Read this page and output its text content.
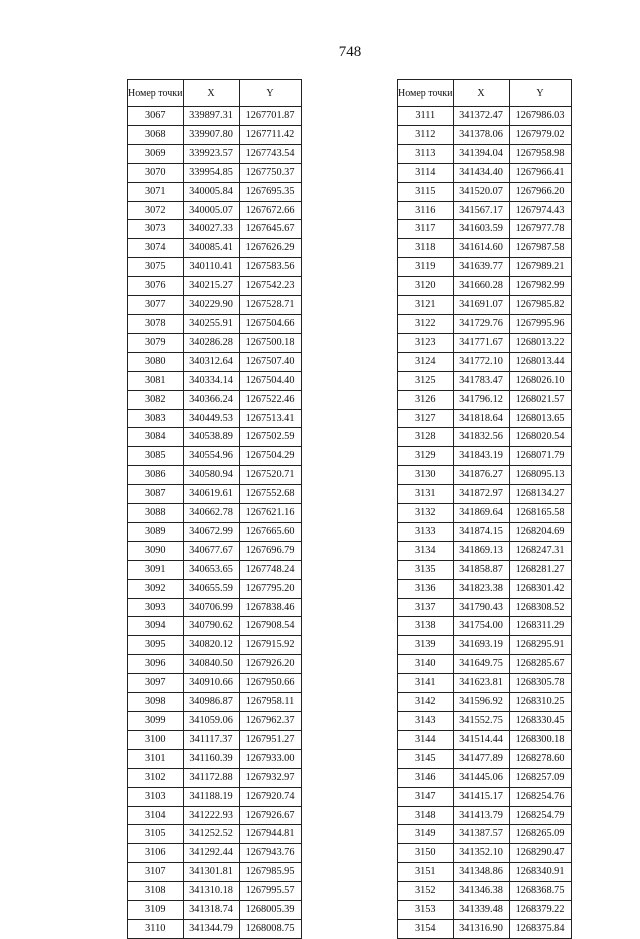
748
Номер точки	X	Y
3067	339897.31	1267701.87
3068	339907.80	1267711.42
3069	339923.57	1267743.54
3070	339954.85	1267750.37
3071	340005.84	1267695.35
3072	340005.07	1267672.66
3073	340027.33	1267645.67
3074	340085.41	1267626.29
3075	340110.41	1267583.56
3076	340215.27	1267542.23
3077	340229.90	1267528.71
3078	340255.91	1267504.66
3079	340286.28	1267500.18
3080	340312.64	1267507.40
3081	340334.14	1267504.40
3082	340366.24	1267522.46
3083	340449.53	1267513.41
3084	340538.89	1267502.59
3085	340554.96	1267504.29
3086	340580.94	1267520.71
3087	340619.61	1267552.68
3088	340662.78	1267621.16
3089	340672.99	1267665.60
3090	340677.67	1267696.79
3091	340653.65	1267748.24
3092	340655.59	1267795.20
3093	340706.99	1267838.46
3094	340790.62	1267908.54
3095	340820.12	1267915.92
3096	340840.50	1267926.20
3097	340910.66	1267950.66
3098	340986.87	1267958.11
3099	341059.06	1267962.37
3100	341117.37	1267951.27
3101	341160.39	1267933.00
3102	341172.88	1267932.97
3103	341188.19	1267920.74
3104	341222.93	1267926.67
3105	341252.52	1267944.81
3106	341292.44	1267943.76
3107	341301.81	1267985.95
3108	341310.18	1267995.57
3109	341318.74	1268005.39
3110	341344.79	1268008.75
Номер точки	X	Y
3111	341372.47	1267986.03
3112	341378.06	1267979.02
3113	341394.04	1267958.98
3114	341434.40	1267966.41
3115	341520.07	1267966.20
3116	341567.17	1267974.43
3117	341603.59	1267977.78
3118	341614.60	1267987.58
3119	341639.77	1267989.21
3120	341660.28	1267982.99
3121	341691.07	1267985.82
3122	341729.76	1267995.96
3123	341771.67	1268013.22
3124	341772.10	1268013.44
3125	341783.47	1268026.10
3126	341796.12	1268021.57
3127	341818.64	1268013.65
3128	341832.56	1268020.54
3129	341843.19	1268071.79
3130	341876.27	1268095.13
3131	341872.97	1268134.27
3132	341869.64	1268165.58
3133	341874.15	1268204.69
3134	341869.13	1268247.31
3135	341858.87	1268281.27
3136	341823.38	1268301.42
3137	341790.43	1268308.52
3138	341754.00	1268311.29
3139	341693.19	1268295.91
3140	341649.75	1268285.67
3141	341623.81	1268305.78
3142	341596.92	1268310.25
3143	341552.75	1268330.45
3144	341514.44	1268300.18
3145	341477.89	1268278.60
3146	341445.06	1268257.09
3147	341415.17	1268254.76
3148	341413.79	1268254.79
3149	341387.57	1268265.09
3150	341352.10	1268290.47
3151	341348.86	1268340.91
3152	341346.38	1268368.75
3153	341339.48	1268379.22
3154	341316.90	1268375.84
